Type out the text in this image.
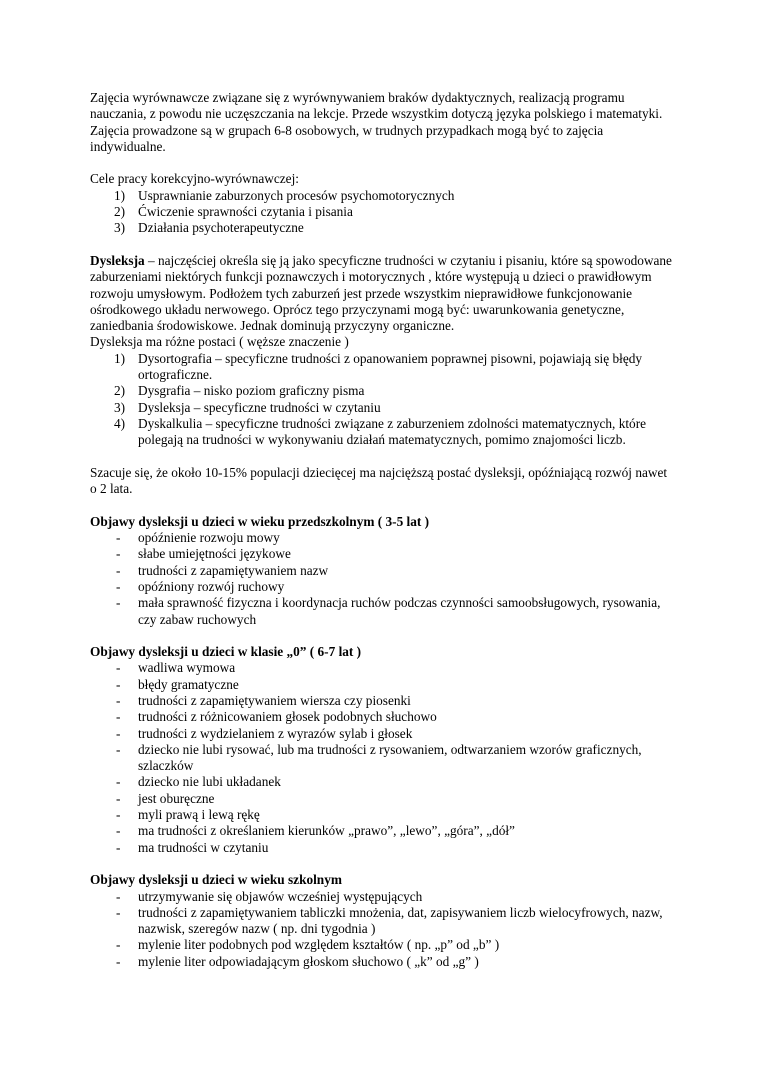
Zajęcia wyrównawcze związane się z wyrównywaniem braków dydaktycznych, realizacją programu nauczania, z powodu nie uczęszczania na lekcje. Przede wszystkim dotyczą języka polskiego i matematyki. Zajęcia prowadzone są w grupach 6-8 osobowych, w trudnych przypadkach mogą być to zajęcia indywidualne.

Cele pracy korekcyjno-wyrównawczej:

1) Usprawnianie zaburzonych procesów psychomotorycznych
2) Ćwiczenie sprawności czytania i pisania
3) Działania psychoterapeutyczne

Dysleksja – najczęściej określa się ją jako specyficzne trudności w czytaniu i pisaniu, które są spowodowane zaburzeniami niektórych funkcji poznawczych i motorycznych , które występują u dzieci o prawidłowym rozwoju umysłowym. Podłożem tych zaburzeń jest przede wszystkim nieprawidłowe funkcjonowanie ośrodkowego układu nerwowego. Oprócz tego przyczynami mogą być: uwarunkowania genetyczne, zaniedbania środowiskowe. Jednak dominują przyczyny organiczne.

Dysleksja ma różne postaci ( węższe znaczenie )

1) Dysortografia – specyficzne trudności z opanowaniem poprawnej pisowni, pojawiają się błędy ortograficzne.
2) Dysgrafia – nisko poziom graficzny pisma
3) Dysleksja – specyficzne trudności w czytaniu
4) Dyskalkulia – specyficzne trudności związane z zaburzeniem zdolności matematycznych, które polegają na trudności w wykonywaniu działań matematycznych, pomimo znajomości liczb.

Szacuje się, że około 10-15% populacji dziecięcej ma najcięższą postać dysleksji, opóźniającą rozwój nawet o 2 lata.

Objawy dysleksji u dzieci w wieku przedszkolnym ( 3-5 lat )

- opóźnienie rozwoju mowy
- słabe umiejętności językowe
- trudności z zapamiętywaniem nazw
- opóźniony rozwój ruchowy
- mała sprawność fizyczna i koordynacja ruchów podczas czynności samoobsługowych, rysowania, czy zabaw ruchowych

Objawy dysleksji u dzieci w klasie „0” ( 6-7 lat )

- wadliwa wymowa
- błędy gramatyczne
- trudności z zapamiętywaniem wiersza czy piosenki
- trudności z różnicowaniem głosek podobnych słuchowo
- trudności z wydzielaniem z wyrazów sylab i głosek
- dziecko nie lubi rysować, lub ma trudności z rysowaniem, odtwarzaniem wzorów graficznych, szlaczków
- dziecko nie lubi układanek
- jest oburęczne
- myli prawą i lewą rękę
- ma trudności z określaniem kierunków „prawo”, „lewo”, „góra”, „dół”
- ma trudności w czytaniu

Objawy dysleksji u dzieci w wieku szkolnym

- utrzymywanie się objawów wcześniej występujących
- trudności z zapamiętywaniem tabliczki mnożenia, dat, zapisywaniem liczb wielocyfrowych, nazw, nazwisk, szeregów nazw ( np. dni tygodnia )
- mylenie liter podobnych pod względem kształtów ( np. „p” od „b” )
- mylenie liter odpowiadającym głoskom słuchowo ( „k” od „g” )
